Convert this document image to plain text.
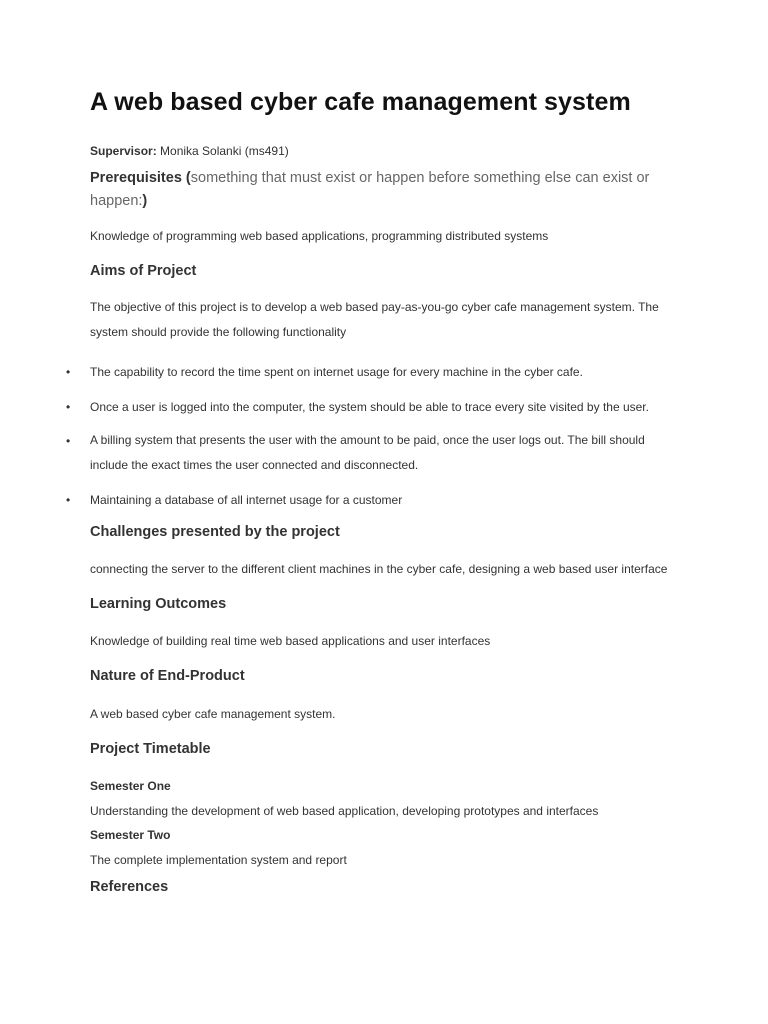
A web based cyber cafe management system
Supervisor: Monika Solanki (ms491)
Prerequisites (something that must exist or happen before something else can exist or happen:)
Knowledge of programming web based applications, programming distributed systems
Aims of Project
The objective of this project is to develop a web based pay-as-you-go cyber cafe management system. The system should provide the following functionality
• The capability to record the time spent on internet usage for every machine in the cyber cafe.
• Once a user is logged into the computer, the system should be able to trace every site visited by the user.
• A billing system that presents the user with the amount to be paid, once the user logs out. The bill should include the exact times the user connected and disconnected.
• Maintaining a database of all internet usage for a customer
Challenges presented by the project
connecting the server to the different client machines in the cyber cafe, designing a web based user interface
Learning Outcomes
Knowledge of building real time web based applications and user interfaces
Nature of End-Product
A web based cyber cafe management system.
Project Timetable
Semester One
Understanding the development of web based application, developing prototypes and interfaces
Semester Two
The complete implementation system and report
References
